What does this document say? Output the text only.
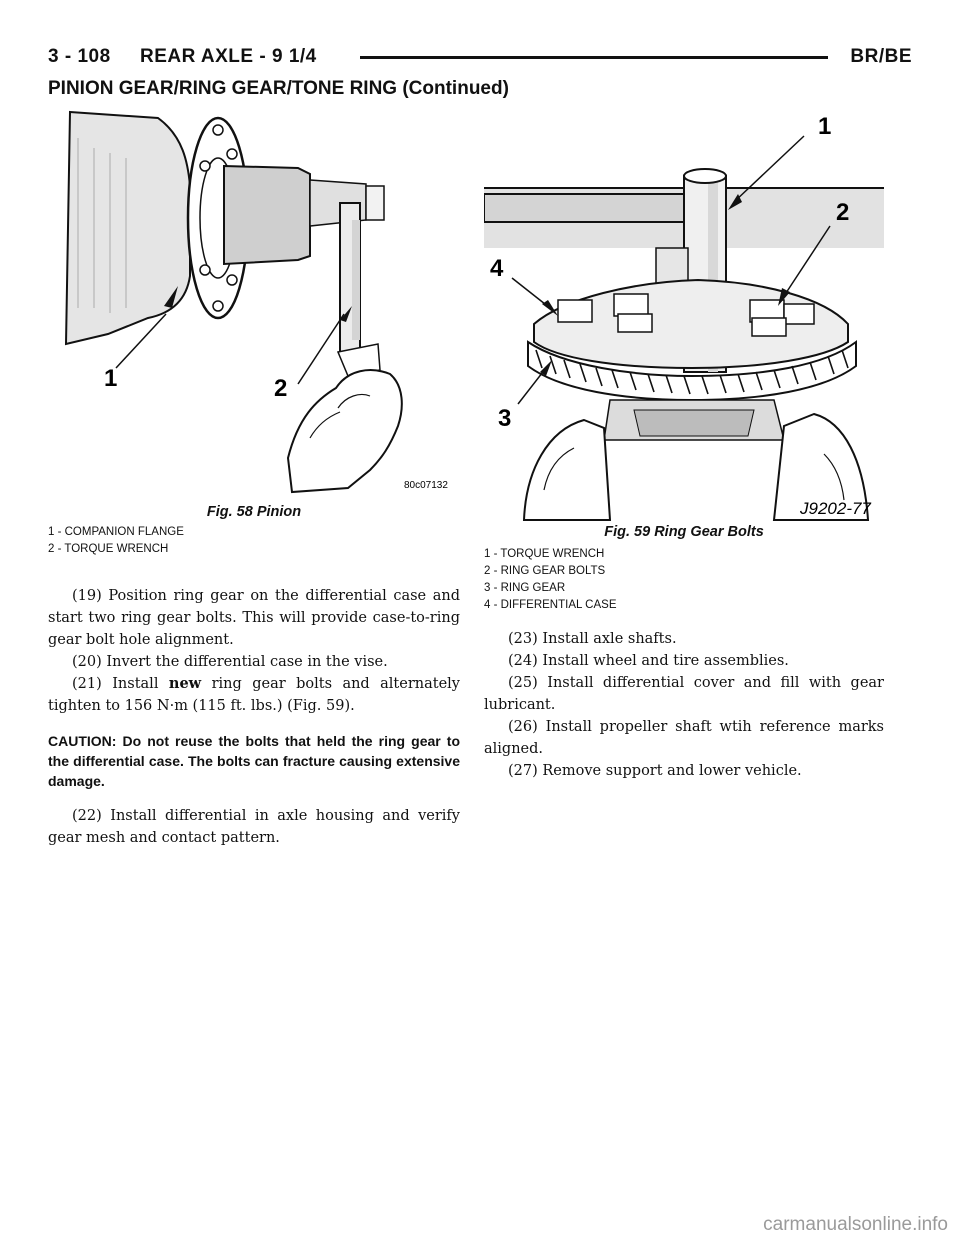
3 - 108 REAR AXLE - 9 1/4	BR/BE
PINION GEAR/RING GEAR/TONE RING (Continued)
1	2
80c07132
Fig. 58 Pinion
1 - COMPANION FLANGE
2 - TORQUE WRENCH
1
2
3
4
J9202-77
Fig. 59 Ring Gear Bolts
1 - TORQUE WRENCH
2 - RING GEAR BOLTS
3 - RING GEAR
4 - DIFFERENTIAL CASE

(19) Position ring gear on the differential case and start two ring gear bolts. This will provide case-to-ring gear bolt hole alignment.

(20) Invert the differential case in the vise.

(21) Install new ring gear bolts and alternately tighten to 156 N·m (115 ft. lbs.) (Fig. 59).

CAUTION: Do not reuse the bolts that held the ring gear to the differential case. The bolts can fracture causing extensive damage.

(22) Install differential in axle housing and verify gear mesh and contact pattern.

(23) Install axle shafts.

(24) Install wheel and tire assemblies.

(25) Install differential cover and fill with gear lubricant.

(26) Install propeller shaft wtih reference marks aligned.

(27) Remove support and lower vehicle.

carmanualsonline.info
